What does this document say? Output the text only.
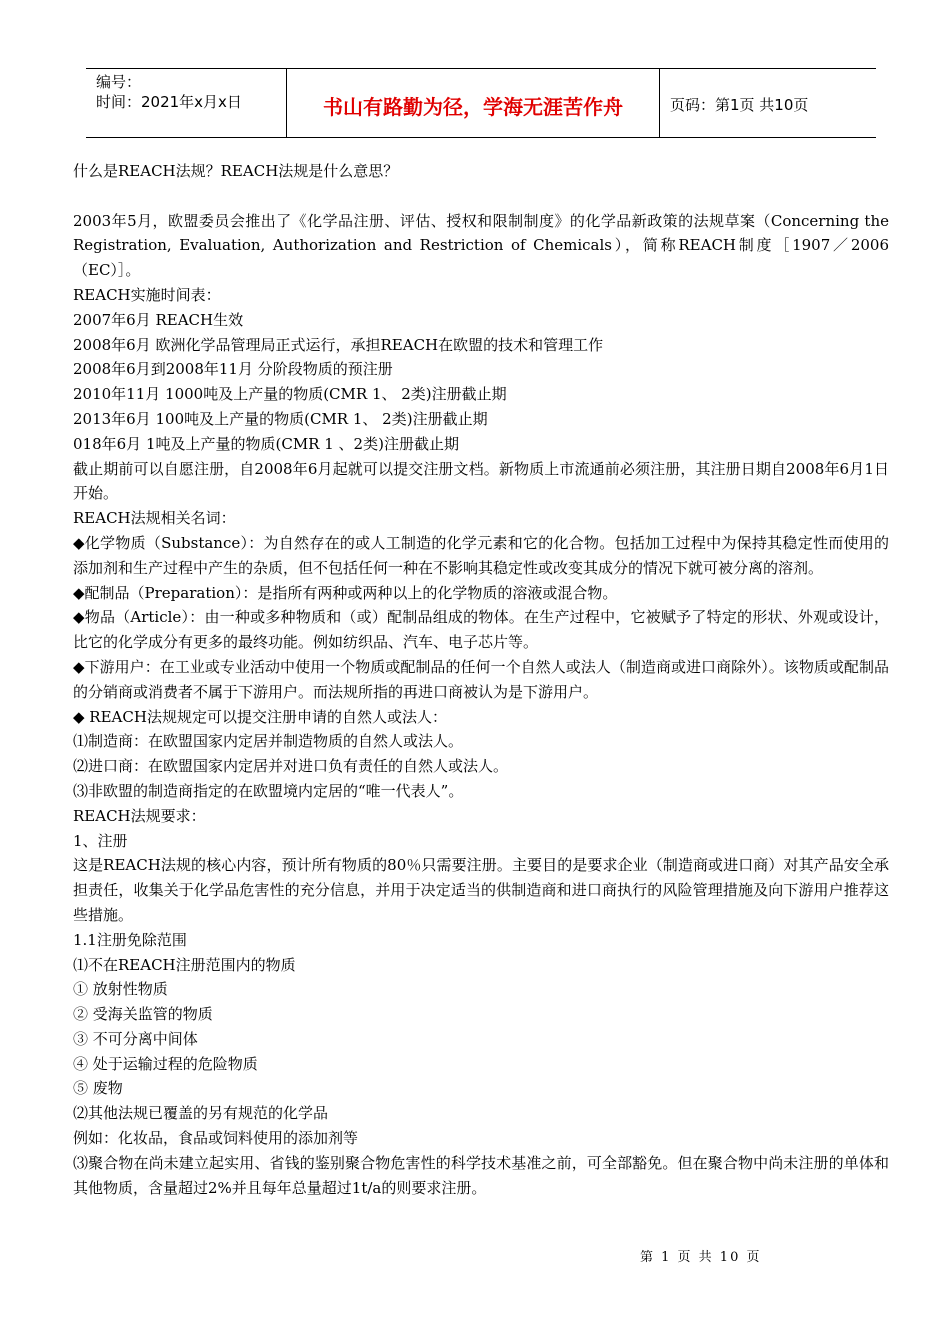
编号：
时间：2021年x月x日	书山有路勤为径，学海无涯苦作舟	页码：第1页 共10页

什么是REACH法规？REACH法规是什么意思？

2003年5月，欧盟委员会推出了《化学品注册、评估、授权和限制制度》的化学品新政策的法规草案（Concerning the Registration, Evaluation, Authorization and Restriction of Chemicals），简称REACH制度［1907／2006（EC）］。

REACH实施时间表：

2007年6月 REACH生效

2008年6月 欧洲化学品管理局正式运行，承担REACH在欧盟的技术和管理工作

2008年6月到2008年11月 分阶段物质的预注册

2010年11月 1000吨及上产量的物质(CMR 1、 2类)注册截止期

2013年6月 100吨及上产量的物质(CMR 1、 2类)注册截止期

018年6月 1吨及上产量的物质(CMR 1 、2类)注册截止期

截止期前可以自愿注册，自2008年6月起就可以提交注册文档。新物质上市流通前必须注册，其注册日期自2008年6月1日开始。

REACH法规相关名词：

◆化学物质（Substance）：为自然存在的或人工制造的化学元素和它的化合物。包括加工过程中为保持其稳定性而使用的添加剂和生产过程中产生的杂质，但不包括任何一种在不影响其稳定性或改变其成分的情况下就可被分离的溶剂。

◆配制品（Preparation）：是指所有两种或两种以上的化学物质的溶液或混合物。

◆物品（Article）：由一种或多种物质和（或）配制品组成的物体。在生产过程中，它被赋予了特定的形状、外观或设计，比它的化学成分有更多的最终功能。例如纺织品、汽车、电子芯片等。

◆下游用户：在工业或专业活动中使用一个物质或配制品的任何一个自然人或法人（制造商或进口商除外）。该物质或配制品的分销商或消费者不属于下游用户。而法规所指的再进口商被认为是下游用户。

◆ REACH法规规定可以提交注册申请的自然人或法人：

⑴制造商：在欧盟国家内定居并制造物质的自然人或法人。

⑵进口商：在欧盟国家内定居并对进口负有责任的自然人或法人。

⑶非欧盟的制造商指定的在欧盟境内定居的“唯一代表人”。

REACH法规要求：

1、注册

这是REACH法规的核心内容，预计所有物质的80％只需要注册。主要目的是要求企业（制造商或进口商）对其产品安全承担责任，收集关于化学品危害性的充分信息，并用于决定适当的供制造商和进口商执行的风险管理措施及向下游用户推荐这些措施。

1.1注册免除范围

⑴不在REACH注册范围内的物质

① 放射性物质

② 受海关监管的物质

③ 不可分离中间体

④ 处于运输过程的危险物质

⑤ 废物

⑵其他法规已覆盖的另有规范的化学品

例如：化妆品，食品或饲料使用的添加剂等

⑶聚合物在尚未建立起实用、省钱的鉴别聚合物危害性的科学技术基准之前，可全部豁免。但在聚合物中尚未注册的单体和其他物质，含量超过2%并且每年总量超过1t/a的则要求注册。

第 1 页 共 10 页
